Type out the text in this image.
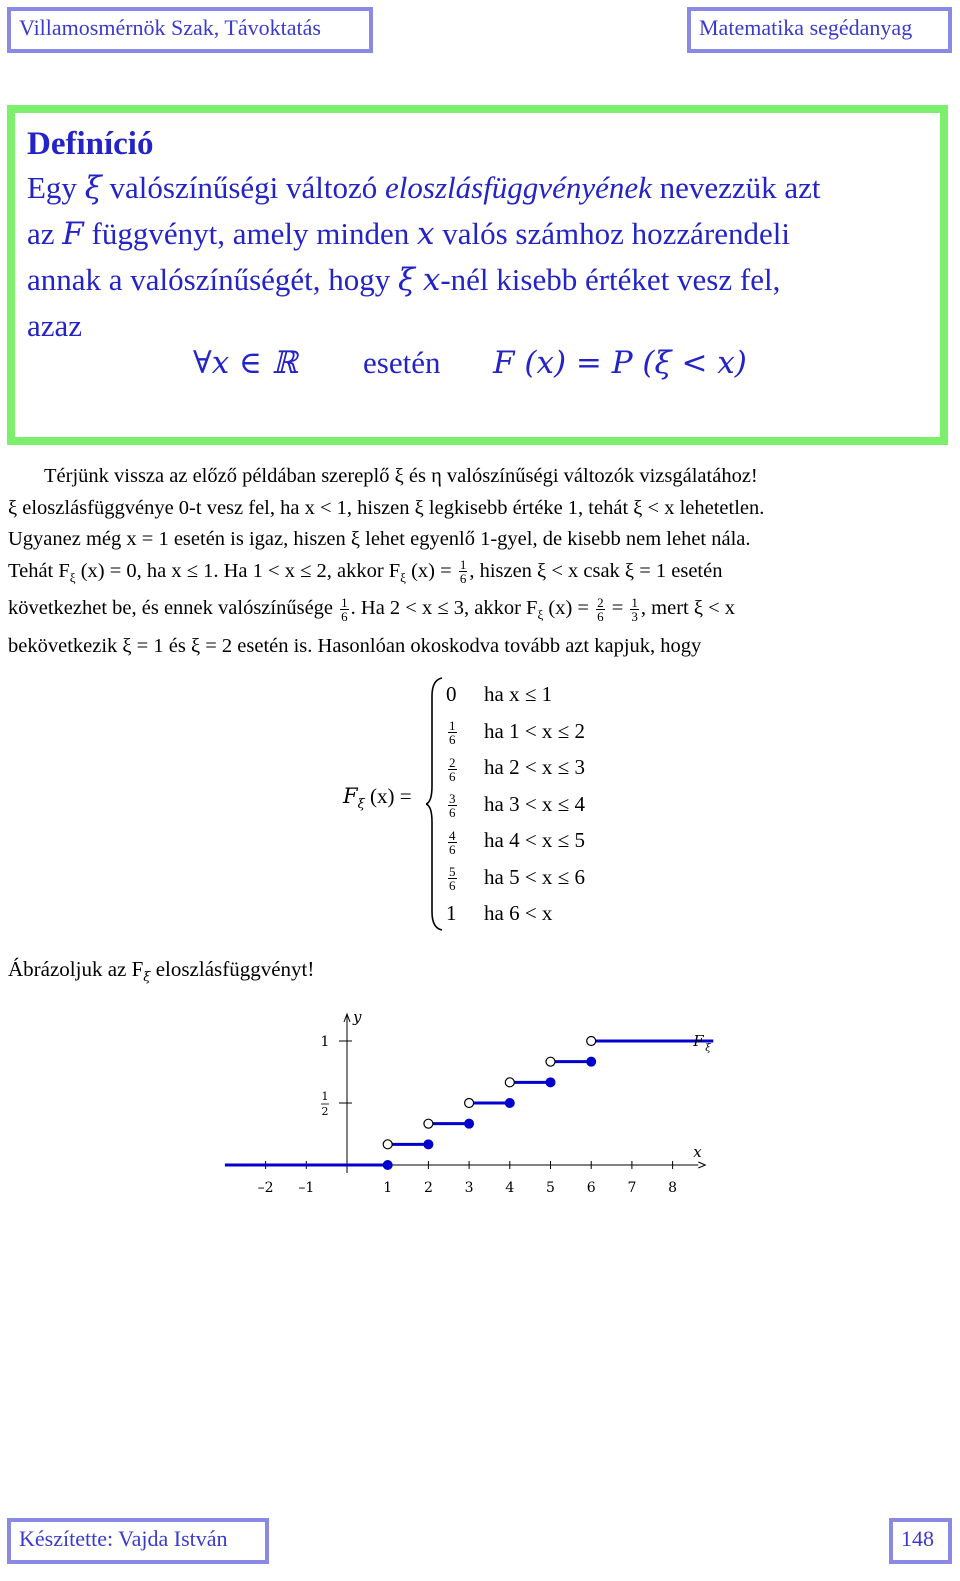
Villamosmérnök Szak, Távoktatás	Matematika segédanyag
Definíció
Egy ξ valószínűségi változó eloszlásfüggvényének nevezzük azt
az F függvényt, amely minden x valós számhoz hozzárendeli
annak a valószínűségét, hogy ξ x-nél kisebb értéket vesz fel,
azaz
∀x ∈ ℝ esetén F (x) = P (ξ < x)
Térjünk vissza az előző példában szereplő ξ és η valószínűségi változók vizsgálatához!
ξ eloszlásfüggvénye 0-t vesz fel, ha x < 1, hiszen ξ legkisebb értéke 1, tehát ξ < x lehetetlen.
Ugyanez még x = 1 esetén is igaz, hiszen ξ lehet egyenlő 1-gyel, de kisebb nem lehet nála.
Tehát $F_\xi$ (x) = 0, ha x ≤ 1. Ha 1 < x ≤ 2, akkor $F_\xi$ $(x) = \frac{1}{6}$ , hiszen ξ < x csak ξ = 1 esetén
következhet be, és ennek valószínűsége $\frac{1}{6}$ . Ha 2 < x ≤ 3, akkor $F_\xi$ $(x) = \frac{2}{6} = \frac{1}{3}$ , mert ξ < x
bekövetkezik ξ = 1 és ξ = 2 esetén is. Hasonlóan okoskodva tovább azt kapjuk, hogy
$F_\xi$ (x) =
0 ha x ≤ 1
$\frac{1}{6}$ ha 1 < x ≤ 2
$\frac{2}{6}$ ha 2 < x ≤ 3
$\frac{3}{6}$ ha 3 < x ≤ 4
$\frac{4}{6}$ ha 4 < x ≤ 5
$\frac{5}{6}$ ha 5 < x ≤ 6
1 ha 6 < x
Ábrázoljuk az $F_\xi$ eloszlásfüggvényt!
x
y
–2 –1	1 2 3 4 5 6 7 8
1
1
2
F ξ
Készítette: Vajda István	148
